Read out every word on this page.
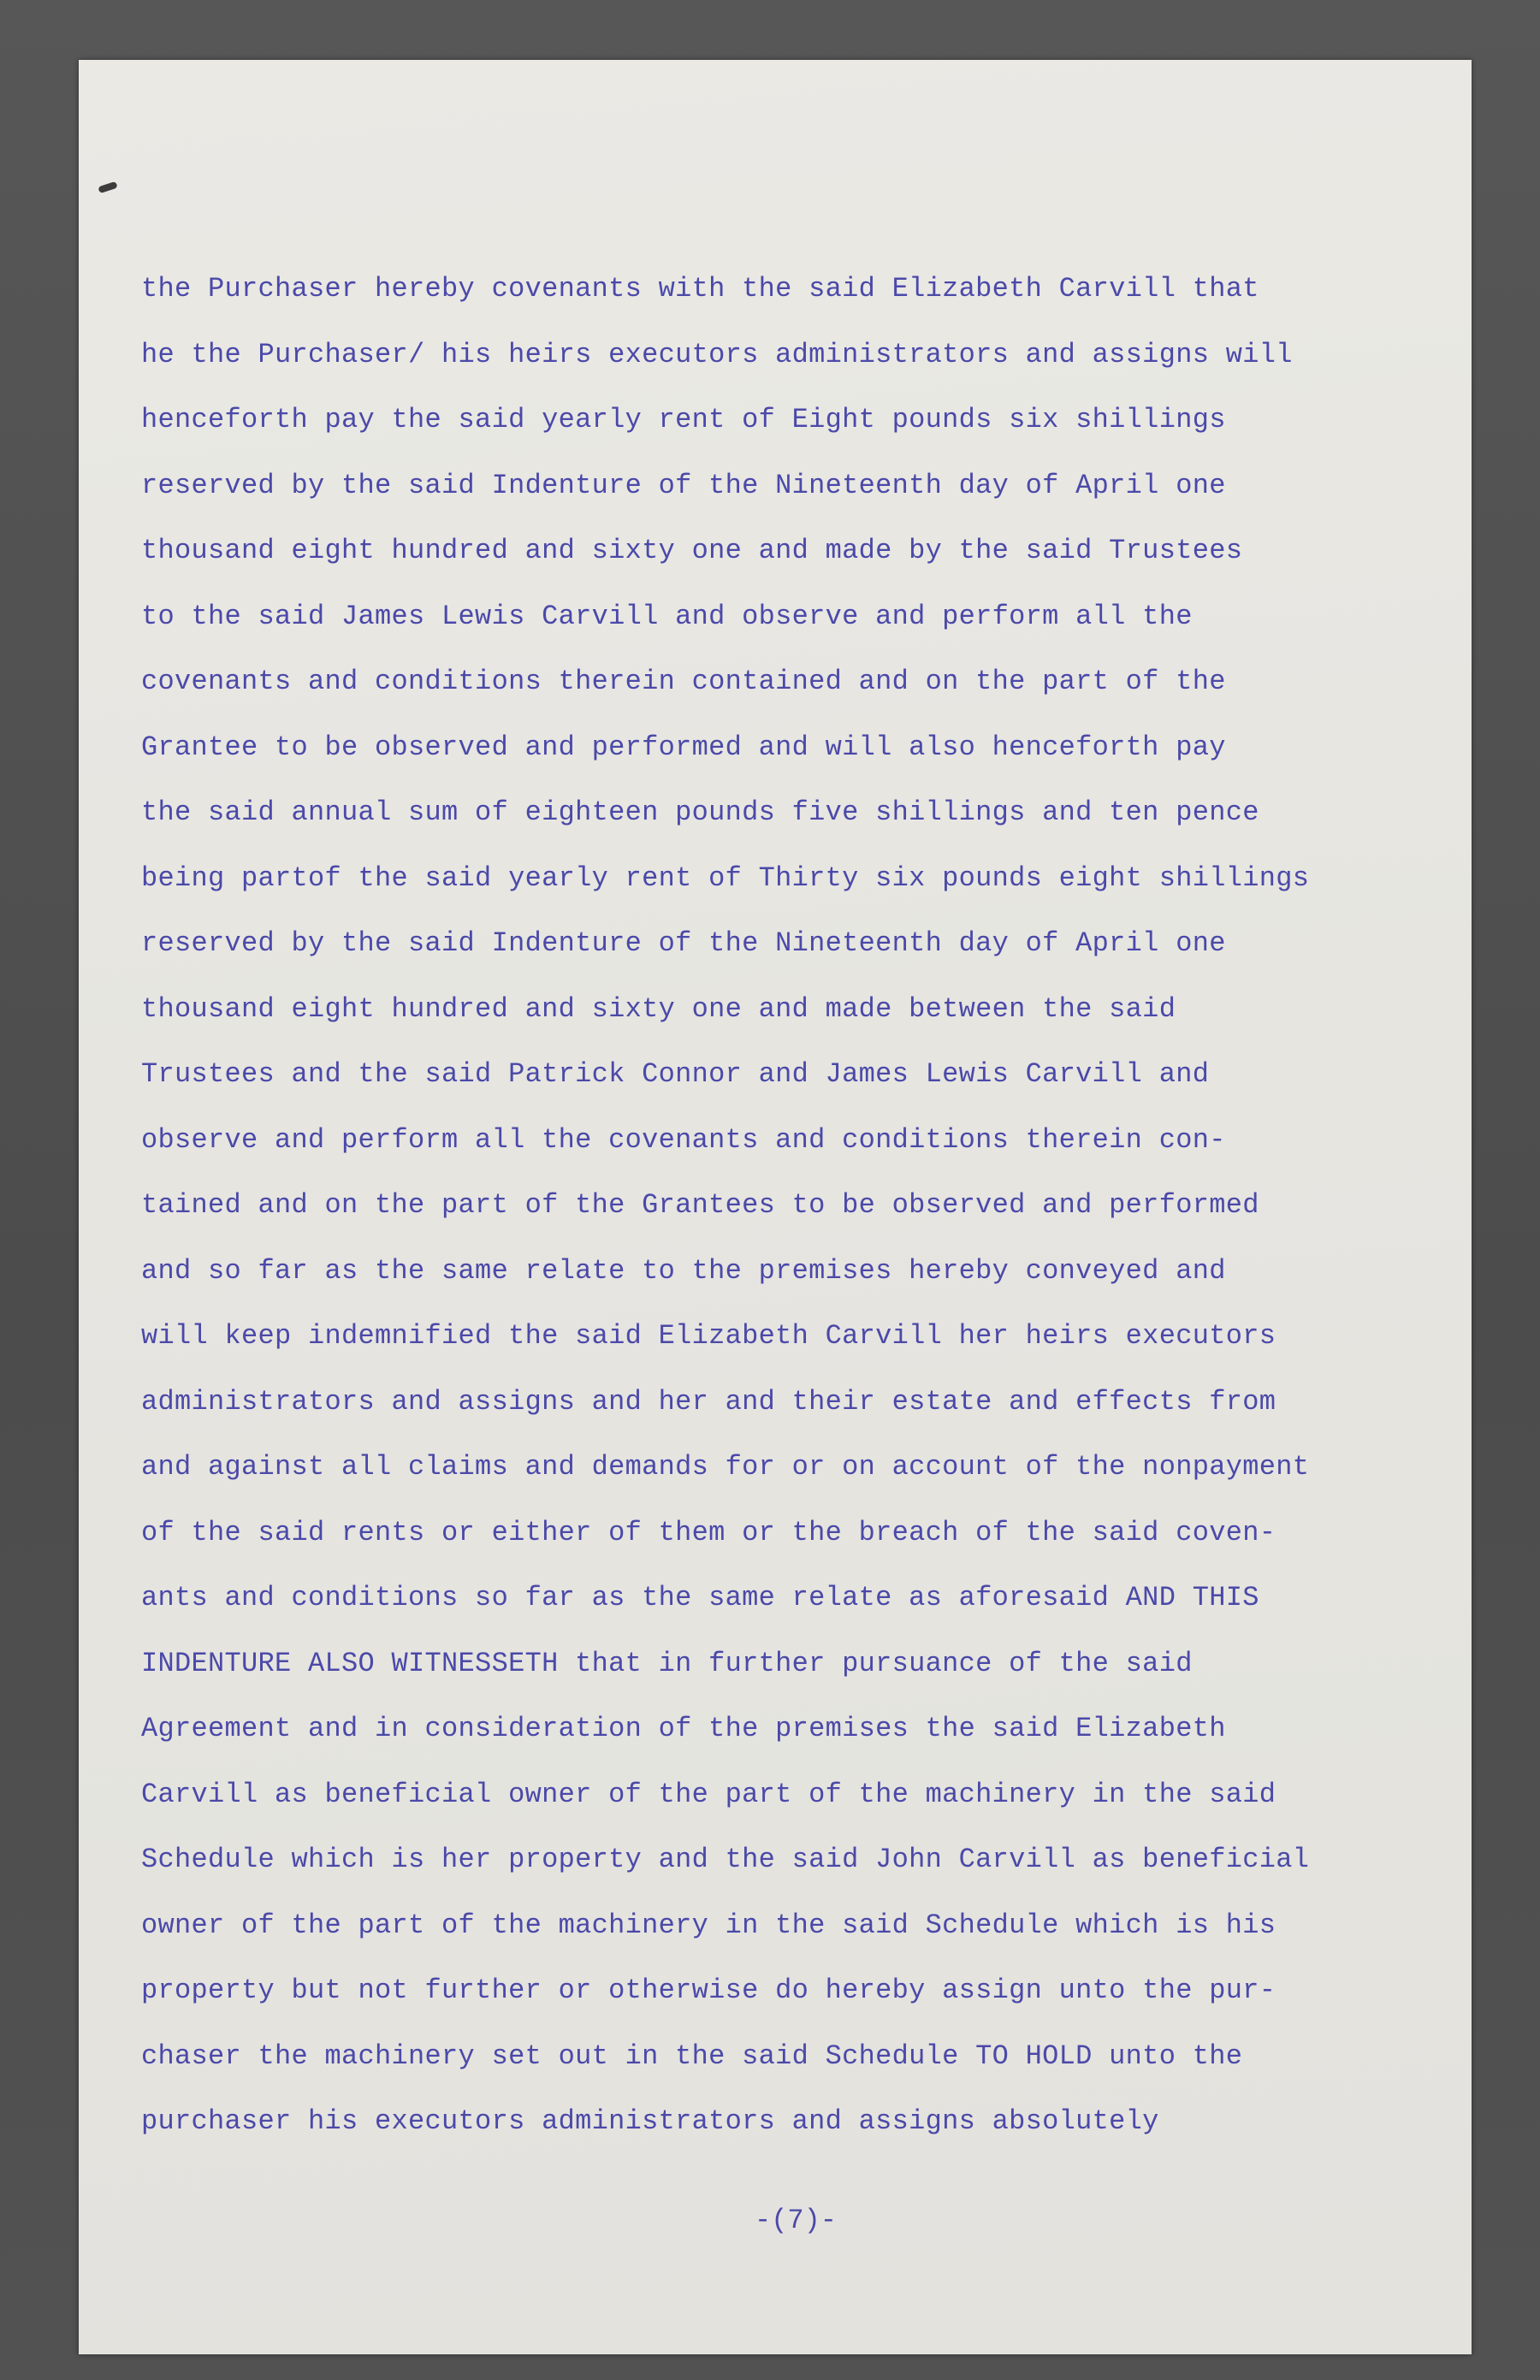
the Purchaser hereby covenants with the said Elizabeth Carvill that
he the Purchaser/ his heirs executors administrators and assigns will
henceforth pay the said yearly rent of Eight pounds six shillings
reserved by the said Indenture of the Nineteenth day of April one
thousand eight hundred and sixty one and made by the said Trustees
to the said James Lewis Carvill and observe and perform all the
covenants and conditions therein contained and on the part of the
Grantee to be observed and performed and will also henceforth pay
the said annual sum of eighteen pounds five shillings and ten pence
being partof the said yearly rent of Thirty six pounds eight shillings
reserved by the said Indenture of the Nineteenth day of April one
thousand eight hundred and sixty one and made between the said
Trustees and the said Patrick Connor and James Lewis Carvill and
observe and perform all the covenants and conditions therein con-
tained and on the part of the Grantees to be observed and performed
and so far as the same relate to the premises hereby conveyed and
will keep indemnified the said Elizabeth Carvill her heirs executors
administrators and assigns and her and their estate and effects from
and against all claims and demands for or on account of the nonpayment
of the said rents or either of them or the breach of the said coven-
ants and conditions so far as the same relate as aforesaid AND THIS
INDENTURE ALSO WITNESSETH that in further pursuance of the said
Agreement and in consideration of the premises the said Elizabeth
Carvill as beneficial owner of the part of the machinery in the said
Schedule which is her property and the said John Carvill as beneficial
owner of the part of the machinery in the said Schedule which is his
property but not further or otherwise do hereby assign unto the pur-
chaser the machinery set out in the said Schedule TO HOLD unto the
purchaser his executors administrators and assigns absolutely
-(7)-
